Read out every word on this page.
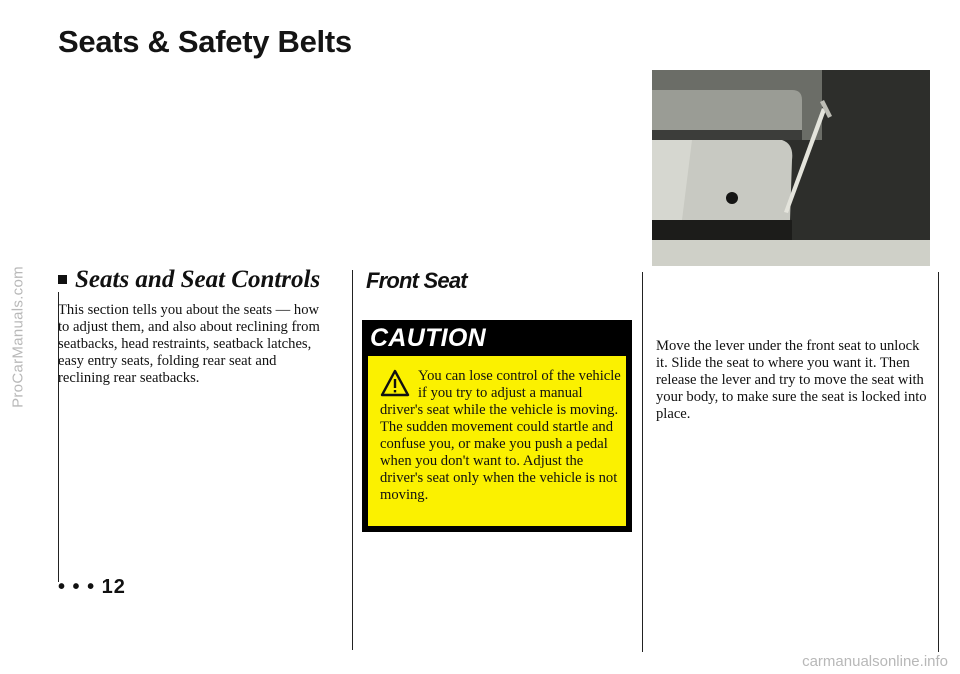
ProCarManuals.com
Seats & Safety Belts
Seats and Seat Controls

This section tells you about the seats — how to adjust them, and also about reclining from seatbacks, head restraints, seatback latches, easy entry seats, folding rear seat and reclining rear seatbacks.

Front Seat
CAUTION

You can lose control of the vehicle if you try to adjust a manual driver's seat while the vehicle is moving. The sudden movement could startle and confuse you, or make you push a pedal when you don't want to. Adjust the driver's seat only when the vehicle is not moving.

Move the lever under the front seat to unlock it. Slide the seat to where you want it. Then release the lever and try to move the seat with your body, to make sure the seat is locked into place.

• • • 12
carmanualsonline.info
